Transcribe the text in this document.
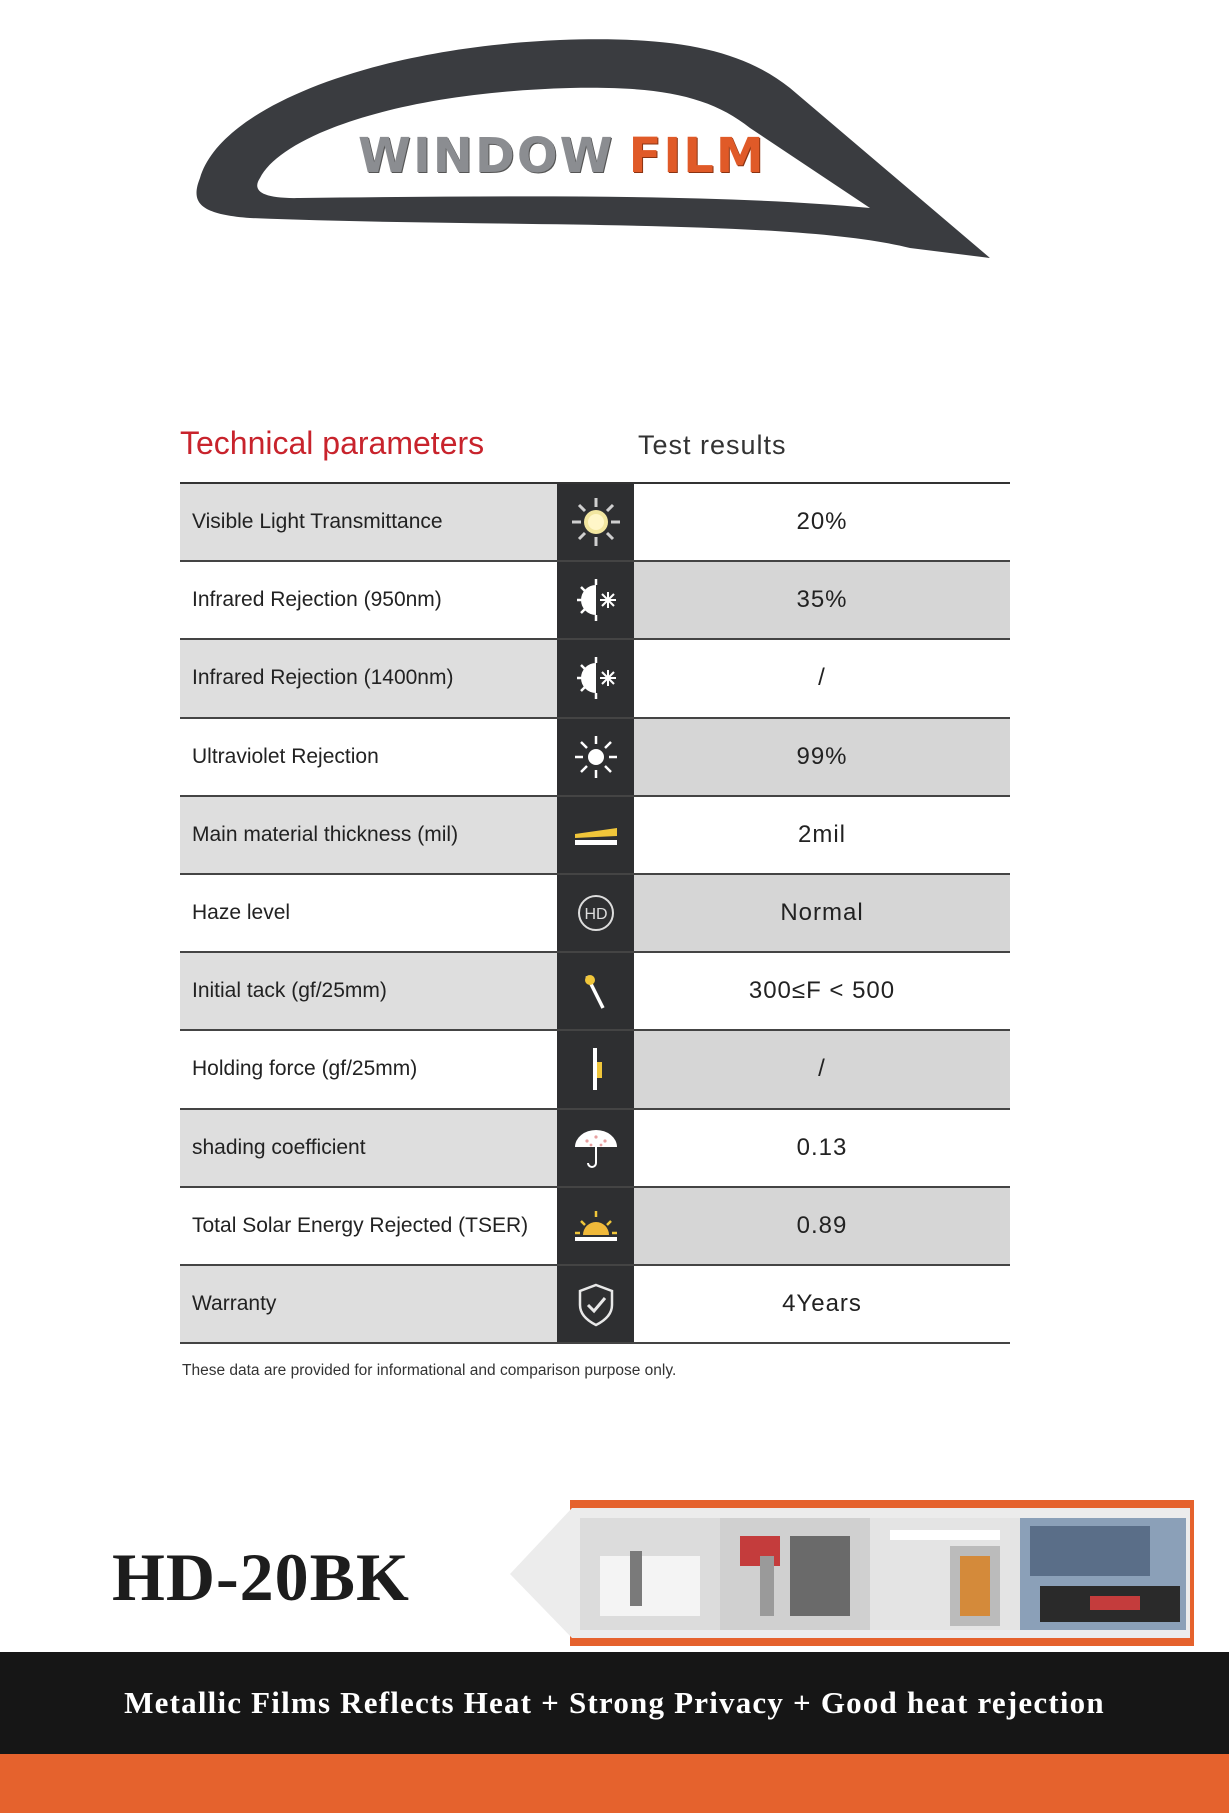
WINDOW FILM
Technical parameters	Test results
Visible Light Transmittance	20%
Infrared Rejection (950nm)	35%
Infrared Rejection (1400nm)	/
Ultraviolet Rejection	99%
Main material thickness (mil)	2mil
Haze level	HD	Normal
Initial tack (gf/25mm)	300≤F < 500
Holding force (gf/25mm)	/
shading coefficient	0.13
Total Solar Energy Rejected (TSER)	0.89
Warranty	4Years
These data are provided for informational and comparison purpose only.
HD-20BK
Metallic Films Reflects Heat + Strong Privacy + Good heat rejection
